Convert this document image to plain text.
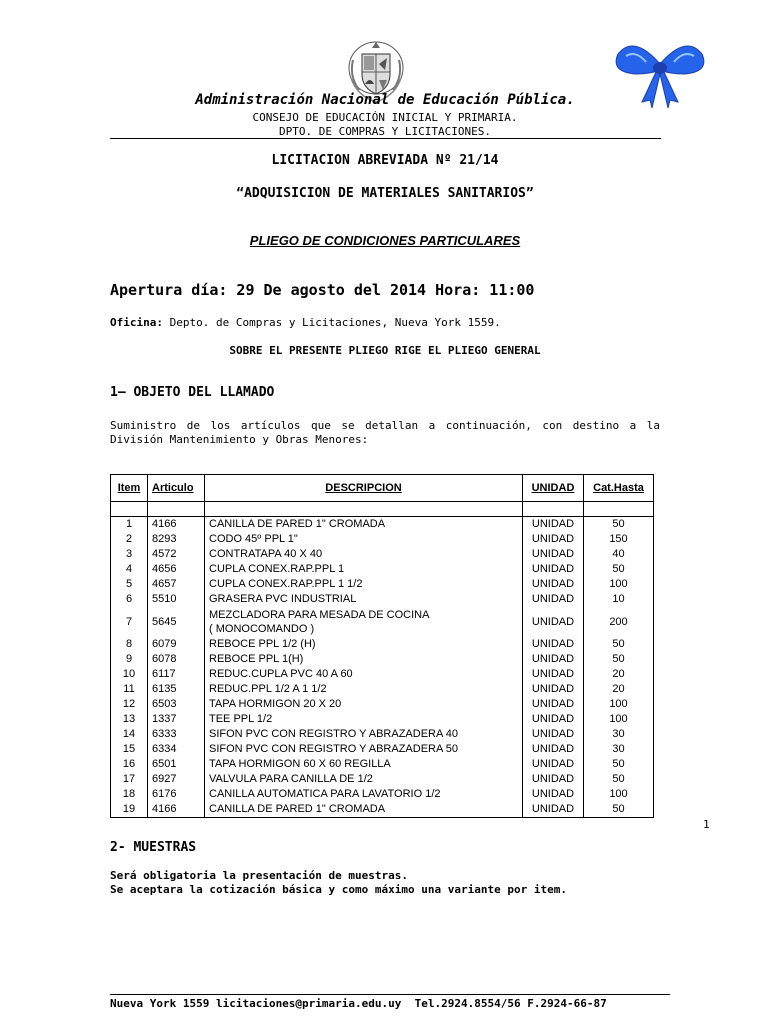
Administración Nacional de Educación Pública.
CONSEJO DE EDUCACIÓN INICIAL Y PRIMARIA.
DPTO. DE COMPRAS Y LICITACIONES.
LICITACION ABREVIADA Nº 21/14
“ADQUISICION DE MATERIALES SANITARIOS”
PLIEGO DE CONDICIONES PARTICULARES
Apertura día: 29 De agosto del 2014 Hora: 11:00
Oficina: Depto. de Compras y Licitaciones, Nueva York 1559.
SOBRE EL PRESENTE PLIEGO RIGE EL PLIEGO GENERAL
1– OBJETO DEL LLAMADO
Suministro de los artículos que se detallan a continuación, con destino a la División Mantenimiento y Obras Menores:
Item	Articulo	DESCRIPCION	UNIDAD	Cat.Hasta

1	4166	CANILLA DE PARED 1" CROMADA	UNIDAD	50
2	8293	CODO 45º PPL 1"	UNIDAD	150
3	4572	CONTRATAPA 40 X 40	UNIDAD	40
4	4656	CUPLA CONEX.RAP.PPL 1	UNIDAD	50
5	4657	CUPLA CONEX.RAP.PPL 1 1/2	UNIDAD	100
6	5510	GRASERA PVC INDUSTRIAL	UNIDAD	10
7	5645	MEZCLADORA PARA MESADA DE COCINA
( MONOCOMANDO )	UNIDAD	200
8	6079	REBOCE PPL 1/2 (H)	UNIDAD	50
9	6078	REBOCE PPL 1(H)	UNIDAD	50
10	6117	REDUC.CUPLA PVC 40 A 60	UNIDAD	20
11	6135	REDUC.PPL 1/2 A 1 1/2	UNIDAD	20
12	6503	TAPA HORMIGON 20 X 20	UNIDAD	100
13	1337	TEE PPL 1/2	UNIDAD	100
14	6333	SIFON PVC CON REGISTRO Y ABRAZADERA 40	UNIDAD	30
15	6334	SIFON PVC CON REGISTRO Y ABRAZADERA 50	UNIDAD	30
16	6501	TAPA HORMIGON 60 X 60 REGILLA	UNIDAD	50
17	6927	VALVULA PARA CANILLA DE 1/2	UNIDAD	50
18	6176	CANILLA AUTOMATICA PARA LAVATORIO 1/2	UNIDAD	100
19	4166	CANILLA DE PARED 1" CROMADA	UNIDAD	50
1
2- MUESTRAS
Será obligatoria la presentación de muestras.
Se aceptara la cotización básica y como máximo una variante por item.
Nueva York 1559 licitaciones@primaria.edu.uy  Tel.2924.8554/56 F.2924-66-87
